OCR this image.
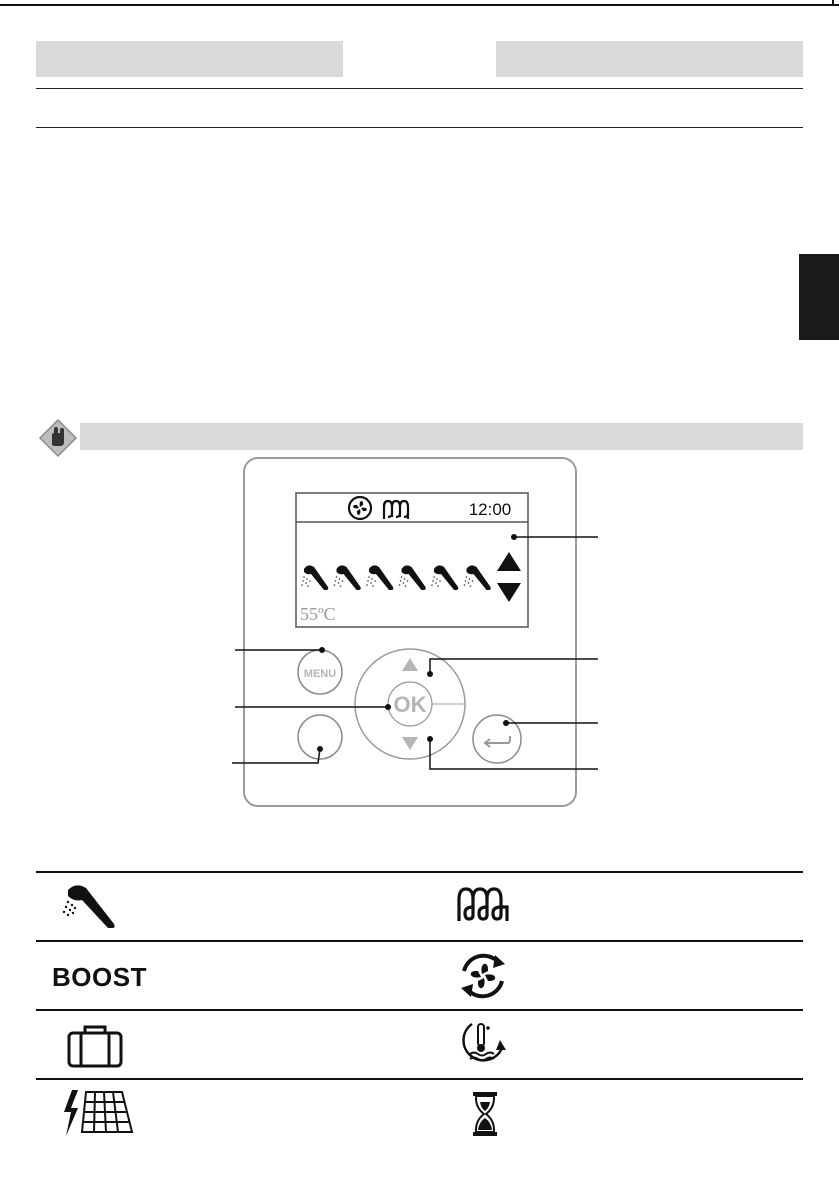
12:00
55ºC
MENU
OK
BOOST
